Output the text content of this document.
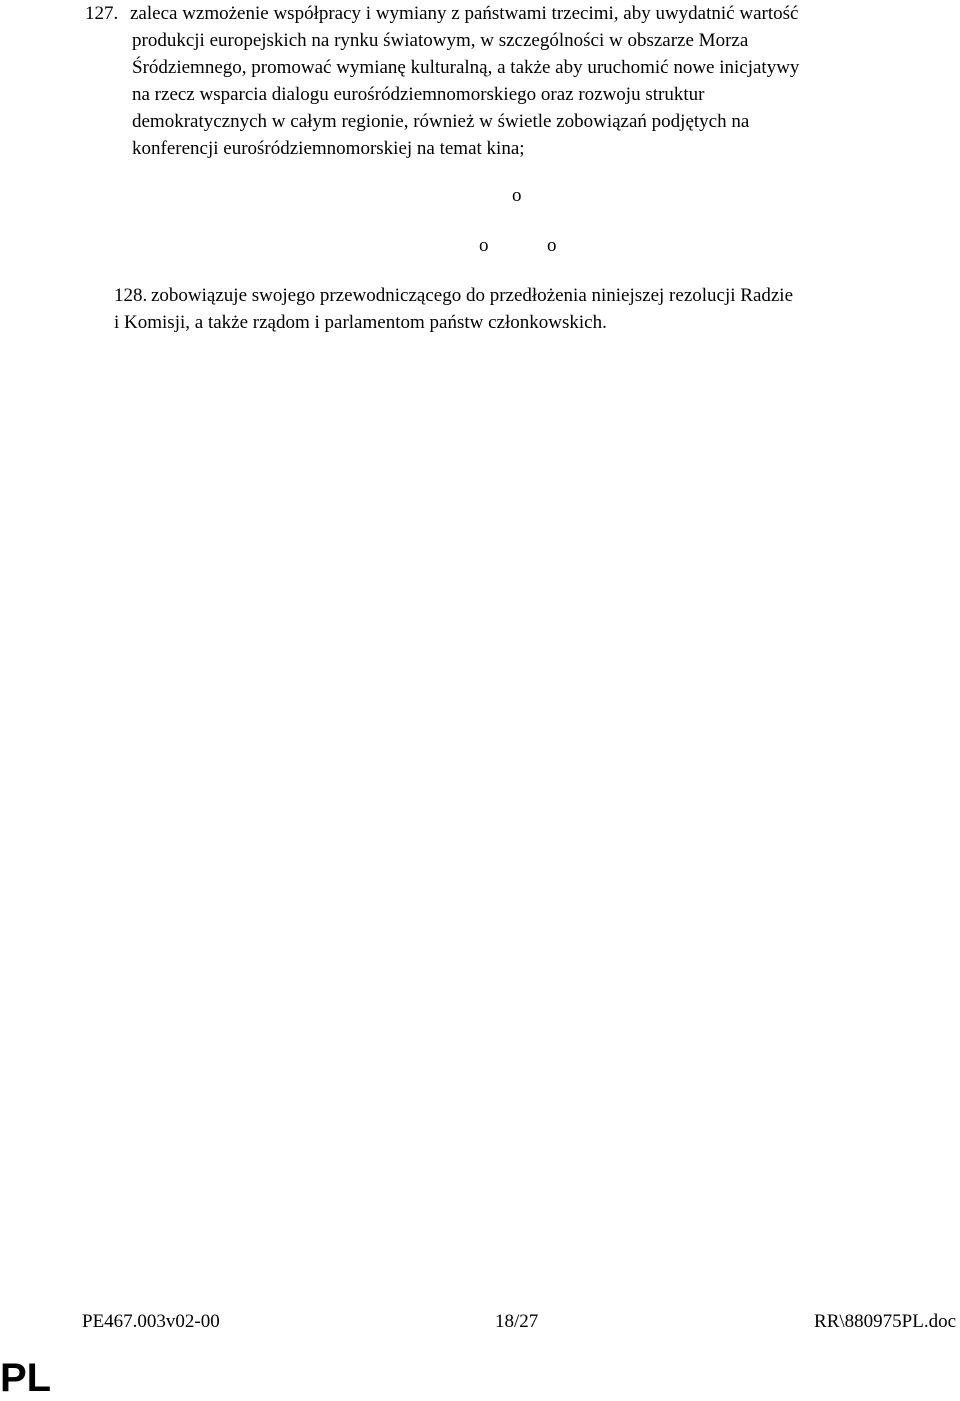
127. zaleca wzmożenie współpracy i wymiany z państwami trzecimi, aby uwydatnić wartość
produkcji europejskich na rynku światowym, w szczególności w obszarze Morza
Śródziemnego, promować wymianę kulturalną, a także aby uruchomić nowe inicjatywy
na rzecz wsparcia dialogu eurośródziemnomorskiego oraz rozwoju struktur
demokratycznych w całym regionie, również w świetle zobowiązań podjętych na
konferencji eurośródziemnomorskiej na temat kina;
o
o	o
128. zobowiązuje swojego przewodniczącego do przedłożenia niniejszej rezolucji Radzie
i Komisji, a także rządom i parlamentom państw członkowskich.
PE467.003v02-00	18/27	RR\880975PL.doc
PL
